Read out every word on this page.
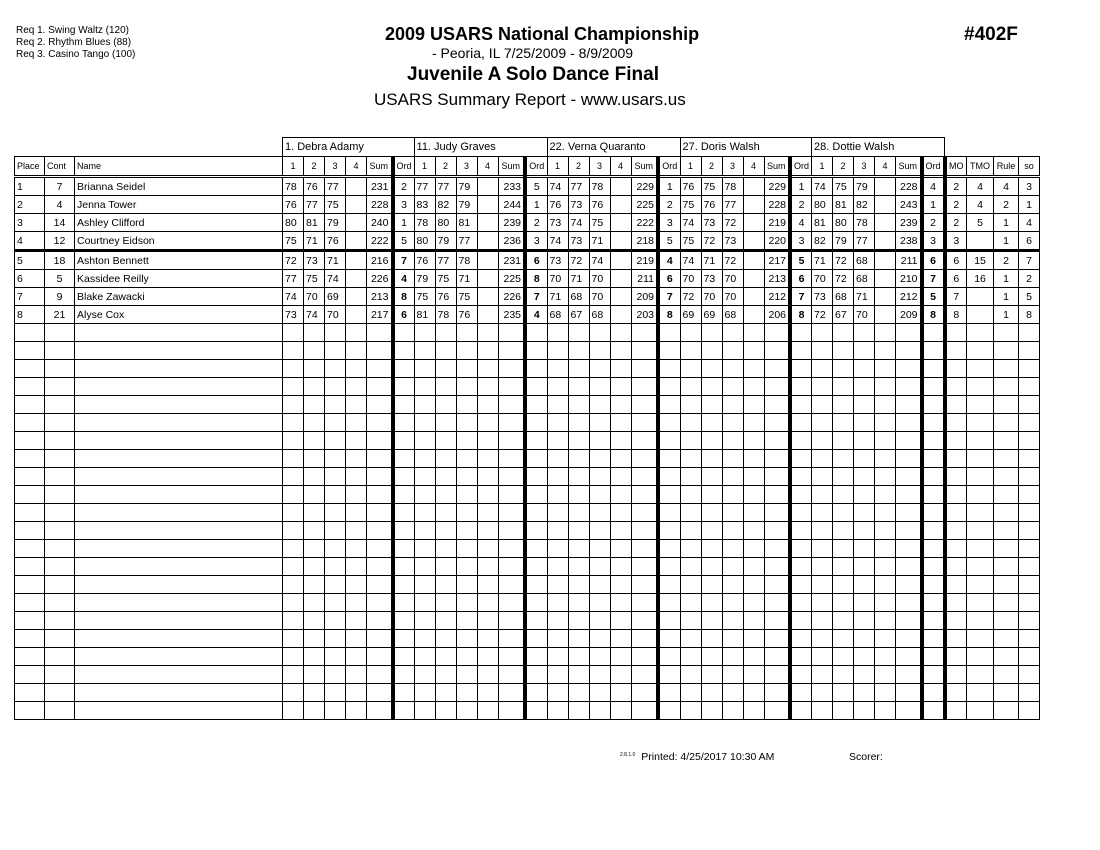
Req 1. Swing Waltz (120)
Req 2. Rhythm Blues (88)
Req 3. Casino Tango (100)
2009 USARS National Championship
- Peoria, IL 7/25/2009 - 8/9/2009
Juvenile A Solo Dance Final
USARS Summary Report - www.usars.us
#402F
			1. Debra Adamy						11. Judy Graves						22. Verna Quaranto						27. Doris Walsh						28. Dottie Walsh									
Place	Cont	Name	1	2	3	4	Sum	Ord	1	2	3	4	Sum	Ord	1	2	3	4	Sum	Ord	1	2	3	4	Sum	Ord	1	2	3	4	Sum	Ord	MO	TMO	Rule	so
1	7	Brianna Seidel	78	76	77		231	2	77	77	79		233	5	74	77	78		229	1	76	75	78		229	1	74	75	79		228	4	2	4	4	3
2	4	Jenna Tower	76	77	75		228	3	83	82	79		244	1	76	73	76		225	2	75	76	77		228	2	80	81	82		243	1	2	4	2	1
3	14	Ashley Clifford	80	81	79		240	1	78	80	81		239	2	73	74	75		222	3	74	73	72		219	4	81	80	78		239	2	2	5	1	4
4	12	Courtney Eidson	75	71	76		222	5	80	79	77		236	3	74	73	71		218	5	75	72	73		220	3	82	79	77		238	3	3		1	6
5	18	Ashton Bennett	72	73	71		216	7	76	77	78		231	6	73	72	74		219	4	74	71	72		217	5	71	72	68		211	6	6	15	2	7
6	5	Kassidee Reilly	77	75	74		226	4	79	75	71		225	8	70	71	70		211	6	70	73	70		213	6	70	72	68		210	7	6	16	1	2
7	9	Blake Zawacki	74	70	69		213	8	75	76	75		226	7	71	68	70		209	7	72	70	70		212	7	73	68	71		212	5	7		1	5
8	21	Alyse Cox	73	74	70		217	6	81	78	76		235	4	68	67	68		203	8	69	69	68		206	8	72	67	70		209	8	8		1	8

$^{2.8.1.0}$ Printed: 4/25/2017 10:30 AM	Scorer:
